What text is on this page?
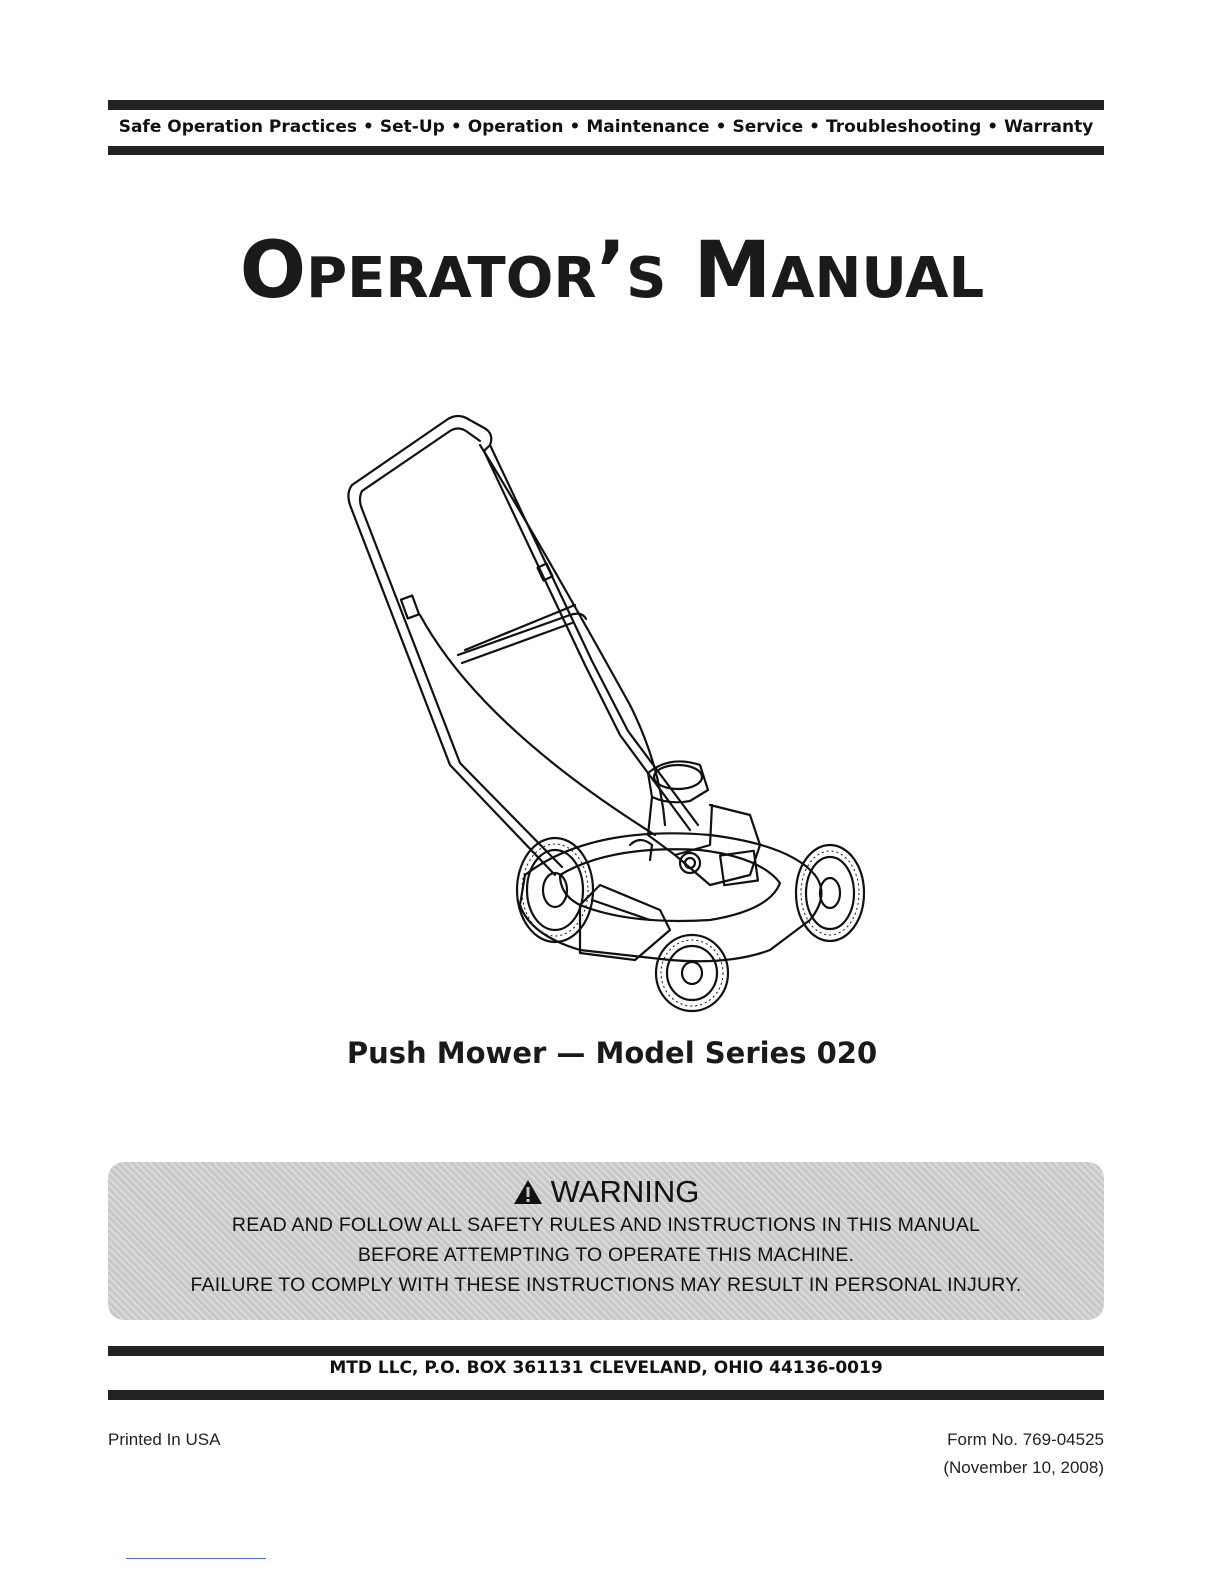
Safe Operation Practices • Set-Up • Operation • Maintenance • Service • Troubleshooting • Warranty
OPERATOR’S MANUAL
Push Mower — Model Series 020
WARNING
READ AND FOLLOW ALL SAFETY RULES AND INSTRUCTIONS IN THIS MANUAL
BEFORE ATTEMPTING TO OPERATE THIS MACHINE.
FAILURE TO COMPLY WITH THESE INSTRUCTIONS MAY RESULT IN PERSONAL INJURY.
MTD LLC, P.O. BOX 361131 CLEVELAND, OHIO 44136-0019
Printed In USA	Form No. 769-04525
(November 10, 2008)
